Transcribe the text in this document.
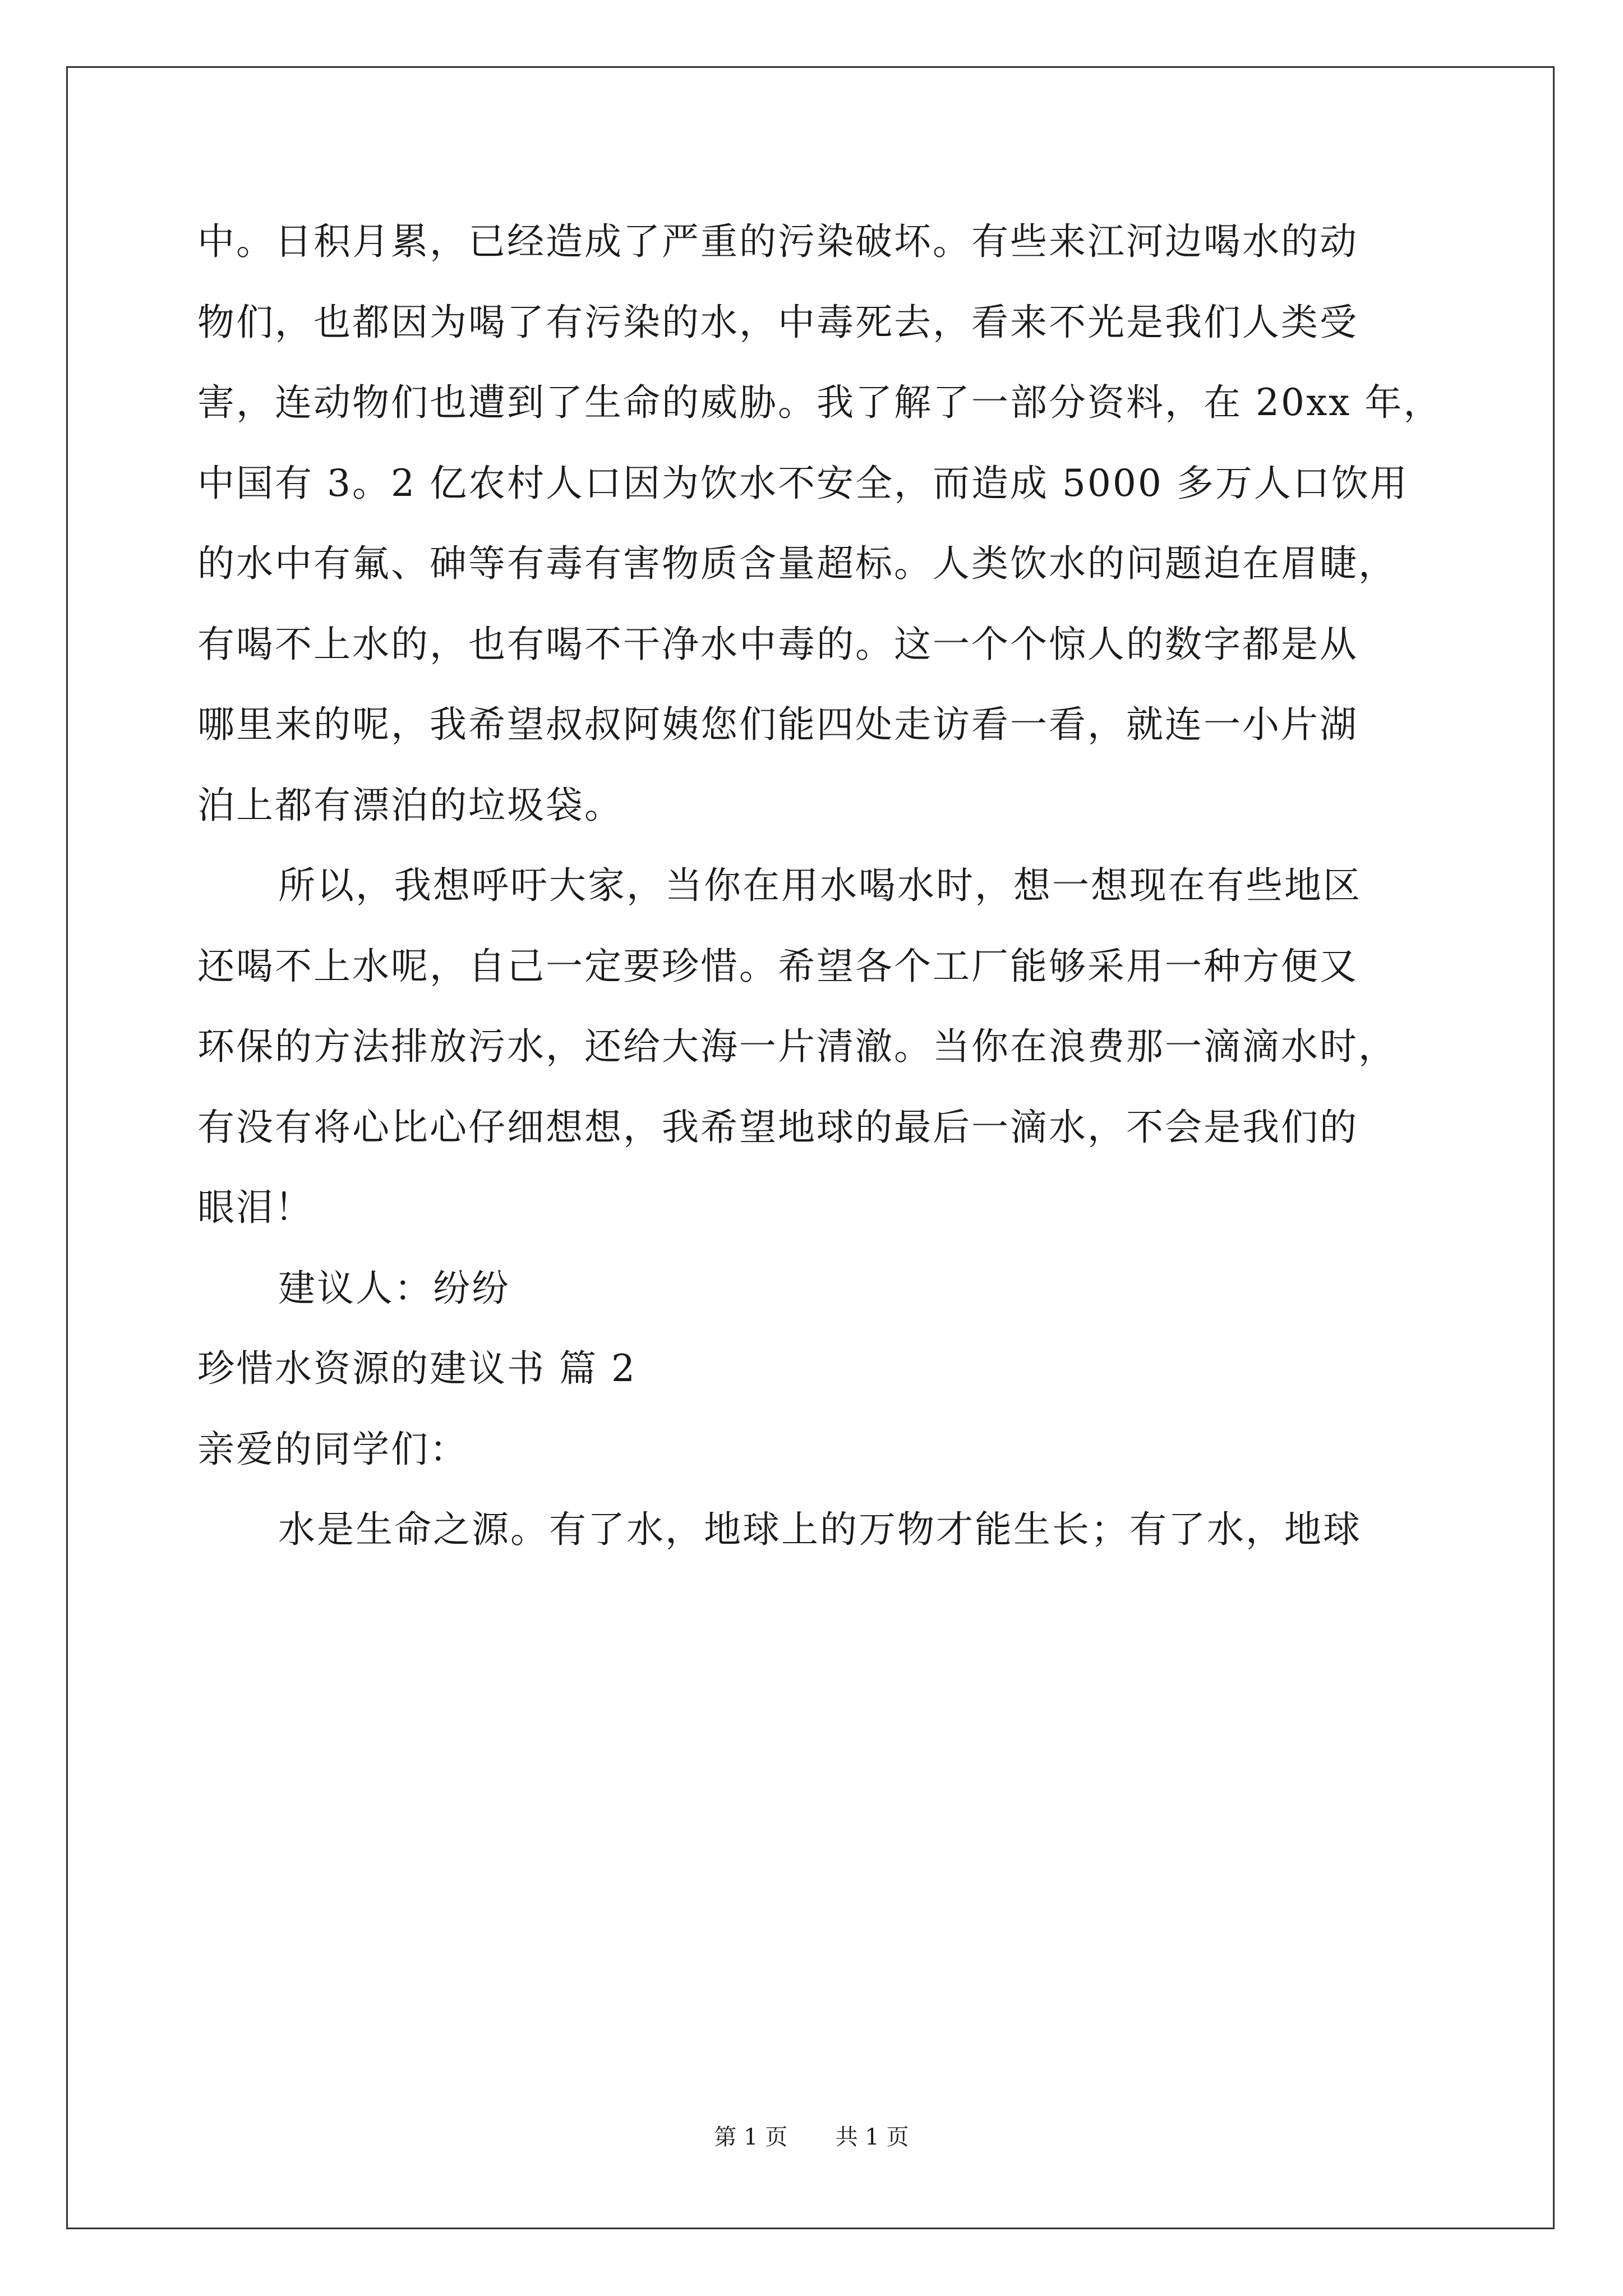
中。日积月累，已经造成了严重的污染破坏。有些来江河边喝水的动
物们，也都因为喝了有污染的水，中毒死去，看来不光是我们人类受
害，连动物们也遭到了生命的威胁。我了解了一部分资料，在 20xx 年，
中国有 3。2 亿农村人口因为饮水不安全，而造成 5000 多万人口饮用
的水中有氟、砷等有毒有害物质含量超标。人类饮水的问题迫在眉睫，
有喝不上水的，也有喝不干净水中毒的。这一个个惊人的数字都是从
哪里来的呢，我希望叔叔阿姨您们能四处走访看一看，就连一小片湖
泊上都有漂泊的垃圾袋。
所以，我想呼吁大家，当你在用水喝水时，想一想现在有些地区
还喝不上水呢，自己一定要珍惜。希望各个工厂能够采用一种方便又
环保的方法排放污水，还给大海一片清澈。当你在浪费那一滴滴水时，
有没有将心比心仔细想想，我希望地球的最后一滴水，不会是我们的
眼泪！
建议人：纷纷
珍惜水资源的建议书 篇 2
亲爱的同学们：
水是生命之源。有了水，地球上的万物才能生长；有了水，地球
第 1 页 共 1 页
